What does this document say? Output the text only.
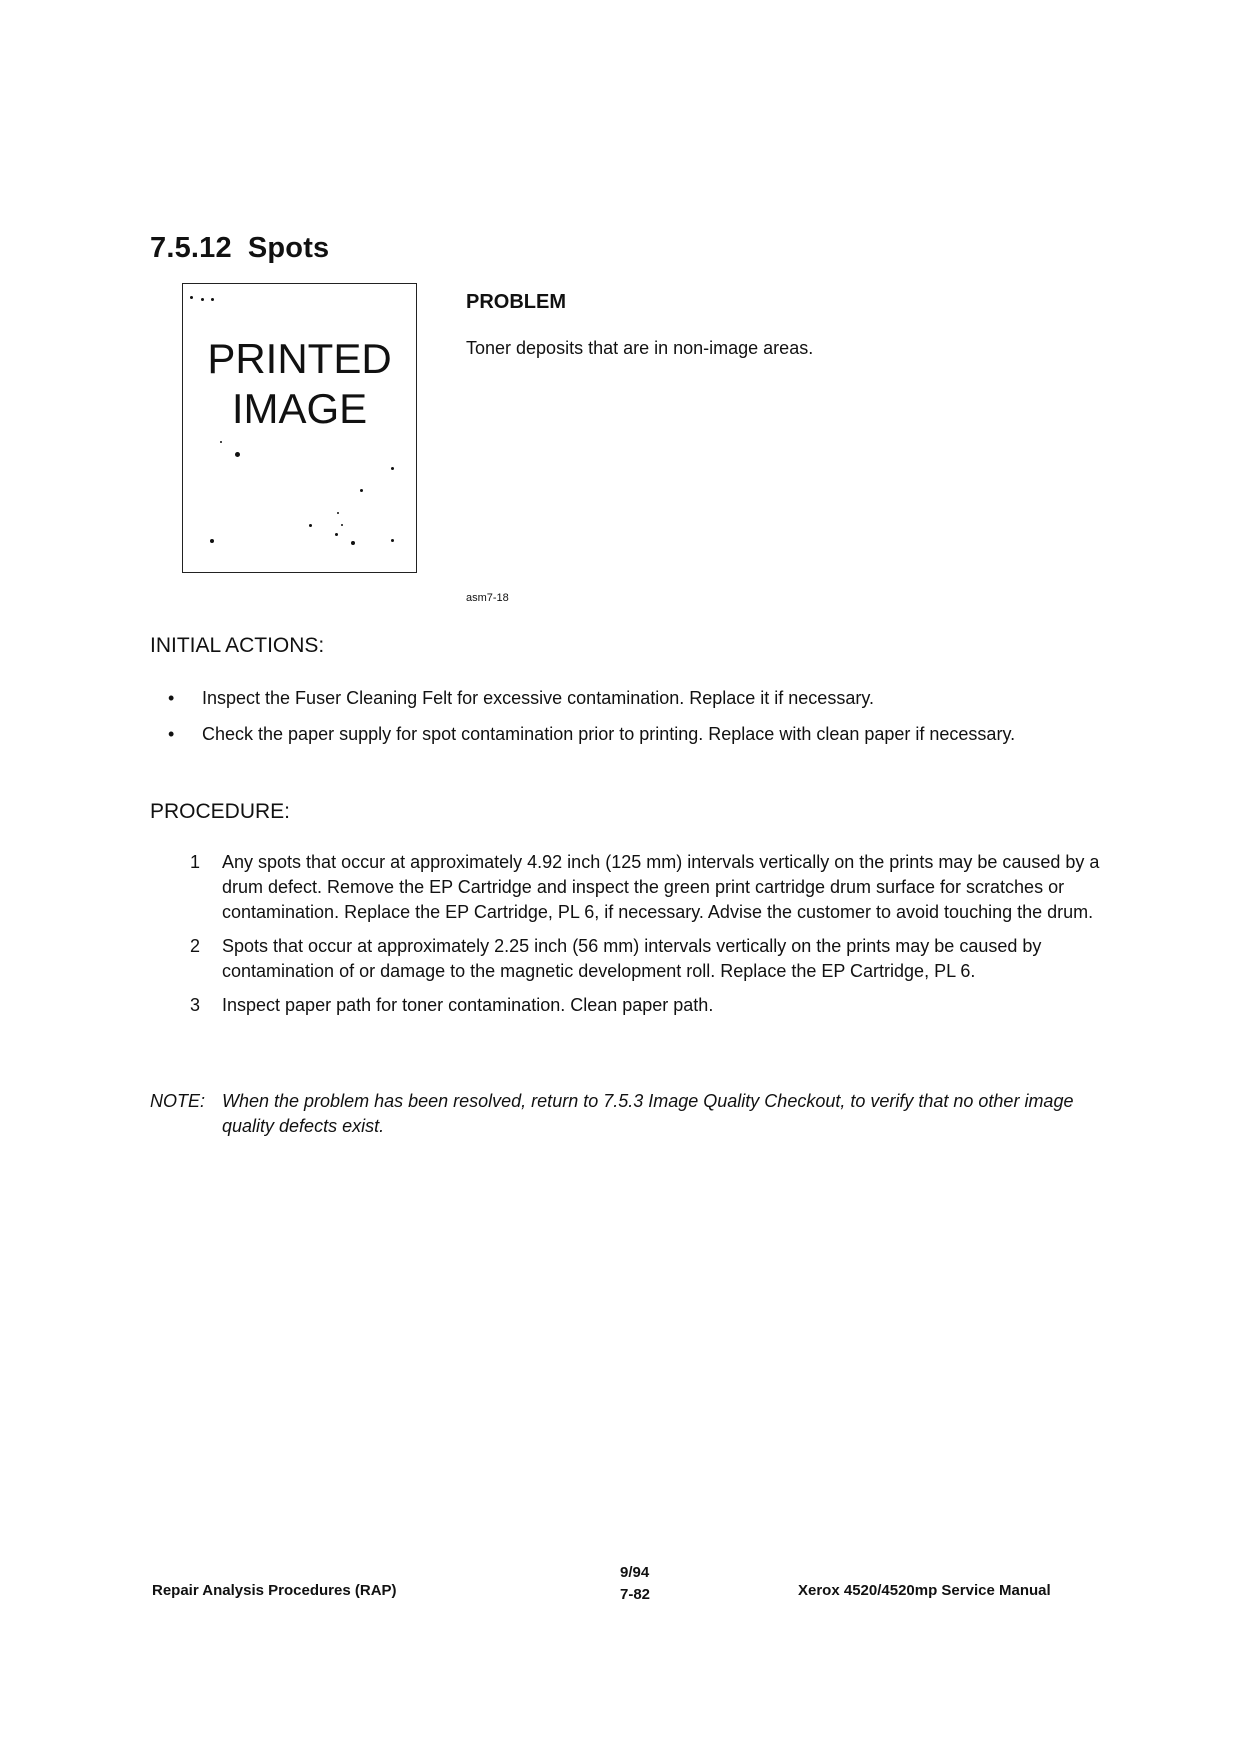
7.5.12 Spots
PRINTED
IMAGE
PROBLEM
Toner deposits that are in non-image areas.
asm7-18
INITIAL ACTIONS:
• Inspect the Fuser Cleaning Felt for excessive contamination. Replace it if necessary.
• Check the paper supply for spot contamination prior to printing. Replace with clean paper if necessary.
PROCEDURE:
1 Any spots that occur at approximately 4.92 inch (125 mm) intervals vertically on the prints may be caused by a drum defect. Remove the EP Cartridge and inspect the green print cartridge drum surface for scratches or contamination. Replace the EP Cartridge, PL 6, if necessary. Advise the customer to avoid touching the drum.
2 Spots that occur at approximately 2.25 inch (56 mm) intervals vertically on the prints may be caused by contamination of or damage to the magnetic development roll. Replace the EP Cartridge, PL 6.
3 Inspect paper path for toner contamination. Clean paper path.
NOTE: When the problem has been resolved, return to 7.5.3 Image Quality Checkout, to verify that no other image quality defects exist.
Repair Analysis Procedures (RAP)
9/94
7-82	Xerox 4520/4520mp Service Manual
